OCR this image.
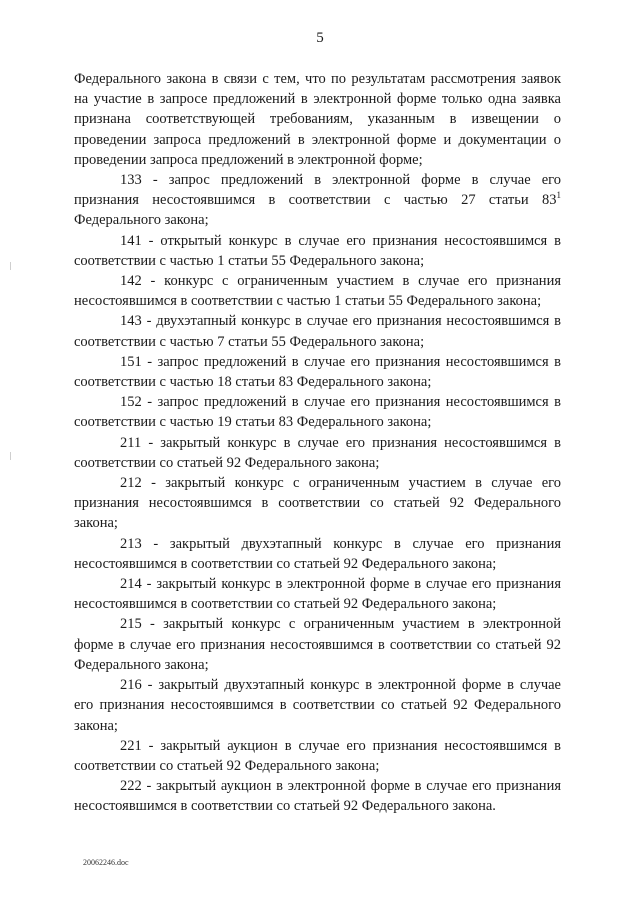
5

Федерального закона в связи с тем, что по результатам рассмотрения заявок на участие в запросе предложений в электронной форме только одна заявка признана соответствующей требованиям, указанным в извещении о проведении запроса предложений в электронной форме и документации о проведении запроса предложений в электронной форме;

133 - запрос предложений в электронной форме в случае его признания несостоявшимся в соответствии с частью 27 статьи $83^1$ Федерального закона;

141 - открытый конкурс в случае его признания несостоявшимся в соответствии с частью 1 статьи 55 Федерального закона;

142 - конкурс с ограниченным участием в случае его признания несостоявшимся в соответствии с частью 1 статьи 55 Федерального закона;

143 - двухэтапный конкурс в случае его признания несостоявшимся в соответствии с частью 7 статьи 55 Федерального закона;

151 - запрос предложений в случае его признания несостоявшимся в соответствии с частью 18 статьи 83 Федерального закона;

152 - запрос предложений в случае его признания несостоявшимся в соответствии с частью 19 статьи 83 Федерального закона;

211 - закрытый конкурс в случае его признания несостоявшимся в соответствии со статьей 92 Федерального закона;

212 - закрытый конкурс с ограниченным участием в случае его признания несостоявшимся в соответствии со статьей 92 Федерального закона;

213 - закрытый двухэтапный конкурс в случае его признания несостоявшимся в соответствии со статьей 92 Федерального закона;

214 - закрытый конкурс в электронной форме в случае его признания несостоявшимся в соответствии со статьей 92 Федерального закона;

215 - закрытый конкурс с ограниченным участием в электронной форме в случае его признания несостоявшимся в соответствии со статьей 92 Федерального закона;

216 - закрытый двухэтапный конкурс в электронной форме в случае его признания несостоявшимся в соответствии со статьей 92 Федерального закона;

221 - закрытый аукцион в случае его признания несостоявшимся в соответствии со статьей 92 Федерального закона;

222 - закрытый аукцион в электронной форме в случае его признания несостоявшимся в соответствии со статьей 92 Федерального закона.

20062246.doc
